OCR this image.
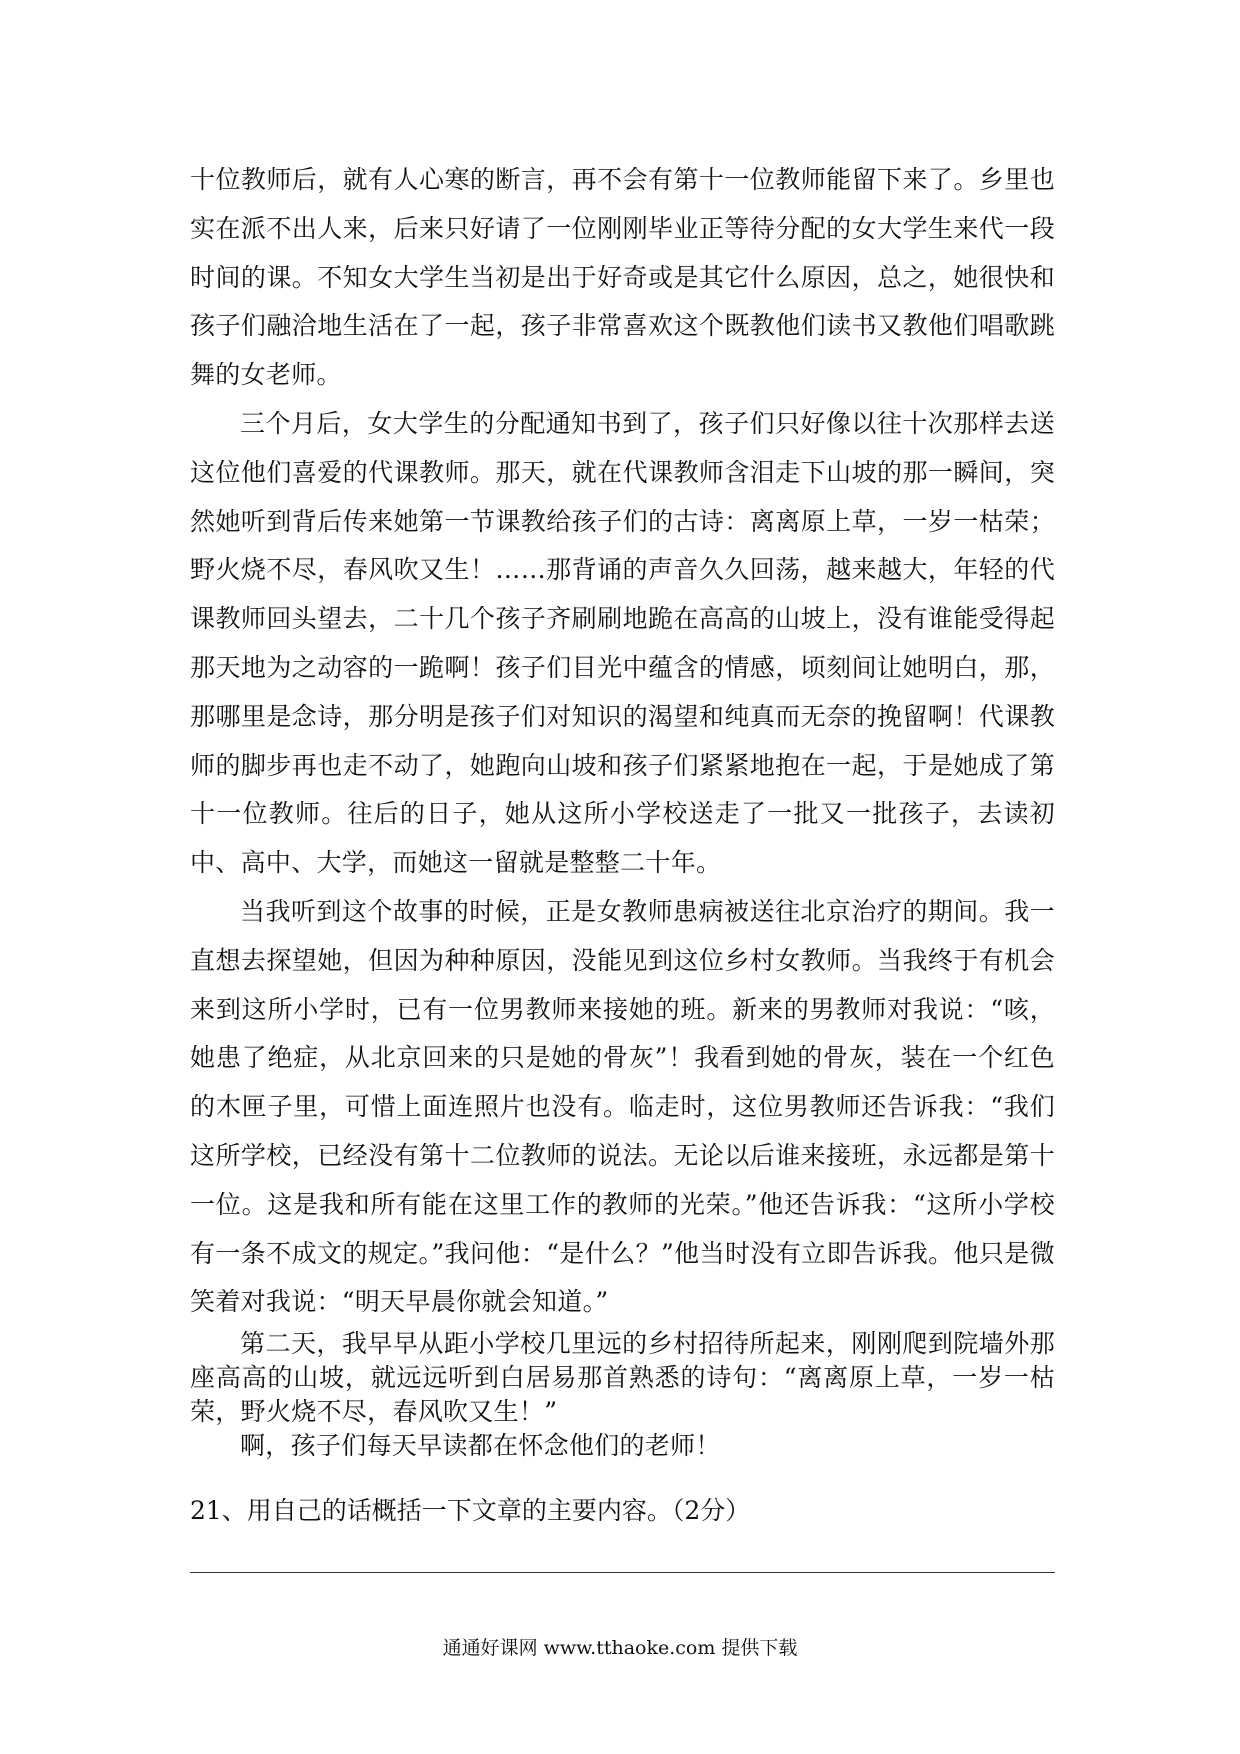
十位教师后，就有人心寒的断言，再不会有第十一位教师能留下来了。乡里也实在派不出人来，后来只好请了一位刚刚毕业正等待分配的女大学生来代一段时间的课。不知女大学生当初是出于好奇或是其它什么原因，总之，她很快和孩子们融洽地生活在了一起，孩子非常喜欢这个既教他们读书又教他们唱歌跳舞的女老师。

三个月后，女大学生的分配通知书到了，孩子们只好像以往十次那样去送这位他们喜爱的代课教师。那天，就在代课教师含泪走下山坡的那一瞬间，突然她听到背后传来她第一节课教给孩子们的古诗：离离原上草，一岁一枯荣；野火烧不尽，春风吹又生！……那背诵的声音久久回荡，越来越大，年轻的代课教师回头望去，二十几个孩子齐刷刷地跪在高高的山坡上，没有谁能受得起那天地为之动容的一跪啊！孩子们目光中蕴含的情感，顷刻间让她明白，那，那哪里是念诗，那分明是孩子们对知识的渴望和纯真而无奈的挽留啊！代课教师的脚步再也走不动了，她跑向山坡和孩子们紧紧地抱在一起，于是她成了第十一位教师。往后的日子，她从这所小学校送走了一批又一批孩子，去读初中、高中、大学，而她这一留就是整整二十年。

当我听到这个故事的时候，正是女教师患病被送往北京治疗的期间。我一直想去探望她，但因为种种原因，没能见到这位乡村女教师。当我终于有机会来到这所小学时，已有一位男教师来接她的班。新来的男教师对我说：“咳，她患了绝症，从北京回来的只是她的骨灰”！我看到她的骨灰，装在一个红色的木匣子里，可惜上面连照片也没有。临走时，这位男教师还告诉我：“我们这所学校，已经没有第十二位教师的说法。无论以后谁来接班，永远都是第十一位。这是我和所有能在这里工作的教师的光荣。”他还告诉我：“这所小学校有一条不成文的规定。”我问他：“是什么？”他当时没有立即告诉我。他只是微笑着对我说：“明天早晨你就会知道。”

第二天，我早早从距小学校几里远的乡村招待所起来，刚刚爬到院墙外那座高高的山坡，就远远听到白居易那首熟悉的诗句：“离离原上草，一岁一枯荣，野火烧不尽，春风吹又生！”

啊，孩子们每天早读都在怀念他们的老师！

21、用自己的话概括一下文章的主要内容。（2分）

通通好课网 www.tthaoke.com 提供下载
